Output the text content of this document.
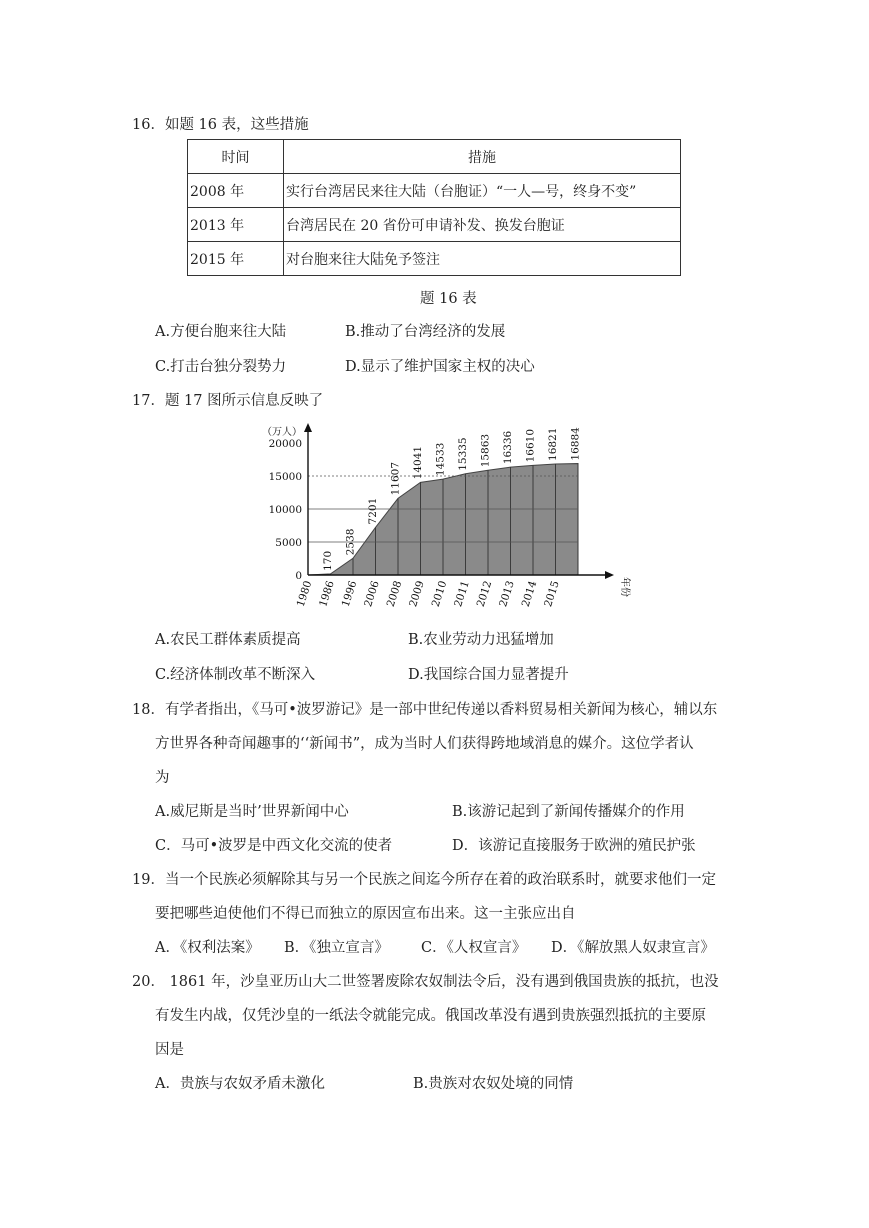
16．如题 16 表，这些措施
时间	措施
2008 年	实行台湾居民来往大陆（台胞证）“一人—号，终身不变”
2013 年	台湾居民在 20 省份可申请补发、换发台胞证
2015 年	对台胞来往大陆免予签注
题 16 表
A.方便台胞来往大陆	B.推动了台湾经济的发展
C.打击台独分裂势力	D.显示了维护国家主权的决心
17．题 17 图所示信息反映了
0
5000
10000
15000
20000
（万人）
1980 1986 1996 2006 2008 2009 2010 2011 2012 2013 2014 2015	年份
170
2538
7201
11607 14041 14533 15335 15863 16336 16610 16821 16884
A.农民工群体素质提高	B.农业劳动力迅猛增加
C.经济体制改革不断深入	D.我国综合国力显著提升
18．有学者指出，《马可•波罗游记》是一部中世纪传递以香料贸易相关新闻为核心，辅以东
方世界各种奇闻趣事的‘‘新闻书”，成为当时人们获得跨地域消息的媒介。这位学者认
为
A.威尼斯是当时’世界新闻中心	B.该游记起到了新闻传播媒介的作用
C．马可•波罗是中西文化交流的使者	D．该游记直接服务于欧洲的殖民护张
19．当一个民族必须解除其与另一个民族之间迄今所存在着的政治联系时，就要求他们一定
要把哪些迫使他们不得已而独立的原因宣布出来。这一主张应出自
A．《权利法案》 B．《独立宣言》 C．《人权宣言》 D．《解放黑人奴隶宣言》
20． 1861 年，沙皇亚历山大二世签署废除农奴制法令后，没有遇到俄国贵族的抵抗，也没
有发生内战，仅凭沙皇的一纸法令就能完成。俄国改革没有遇到贵族强烈抵抗的主要原
因是
A．贵族与农奴矛盾未激化	B.贵族对农奴处境的同情
